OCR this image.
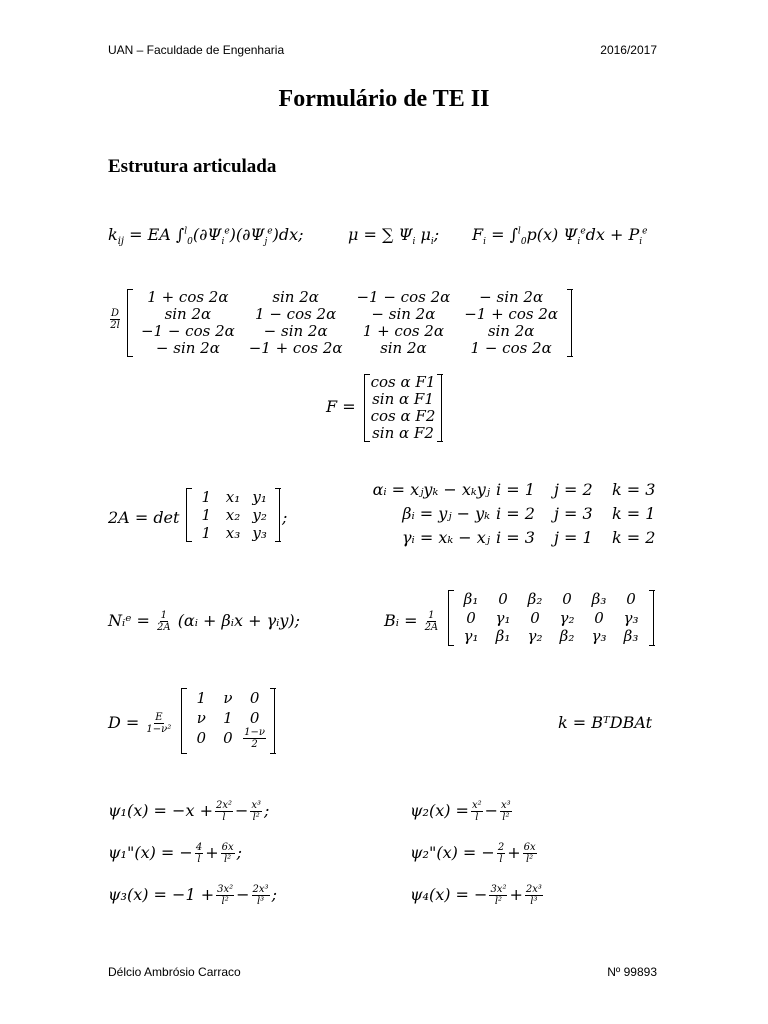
UAN – Faculdade de Engenharia	2016/2017
Formulário de TE II
Estrutura articulada
$k_{ij}$ = EA $\int^l_0(\partial\Psi_i^e)(\partial\Psi_j^e)dx$;	μ = ∑ $\Psi_i$ $\mu_i$; $F_i = \int^l_0p(x) \Psi_i^edx + P_i^e$
$\frac{D}{2l}$
1 + cos 2α	sin 2α	−1 − cos 2α	− sin 2α
sin 2α	1 − cos 2α	− sin 2α	−1 + cos 2α
−1 − cos 2α	− sin 2α	1 + cos 2α	sin 2α
− sin 2α	−1 + cos 2α	sin 2α	1 − cos 2α
F =
cos α F1
sin α F1
cos α F2
sin α F2
2A = det
1 x₁ y₁
1 x₂ y₂
1 x₃ y₃
;
αᵢ = xⱼyₖ − xₖyⱼ i = 1	j = 2	k = 3
βᵢ = yⱼ − yₖ i = 2	j = 3	k = 1
γᵢ = xₖ − xⱼ i = 3	j = 1	k = 2
Nᵢᵉ = $\frac{1}{2A}$ (αᵢ + βᵢx + γᵢy);	Bᵢ = $\frac{1}{2A}$
β₁	0	β₂	0	β₃	0
0	γ₁	0	γ₂	0	γ₃
γ₁	β₁	γ₂	β₂	γ₃	β₃
$D = \frac{E}{\text{1−ν²}}$
1	ν	0
ν	1	0
0	0	$\frac{1-\nu}{2}$
k = BᵀDBAt
$\psi_1(x) = -x + \frac{\text{2x²}}{l} - \frac{\text{x³}}{\text{l²}}$ ;
ψ₁"(x) = − $\frac{4}{l} + \frac{6x}{\text{l²}}$ ;
$\psi_3(x) = -1 + \frac{\text{3x²}}{\text{l²}} - \frac{\text{2x³}}{\text{l³}}$ ;
$\psi_2(x) = \frac{\text{x²}}{l} - \frac{\text{x³}}{\text{l²}}$
ψ₂"(x) = − $\frac{2}{l} + \frac{6x}{\text{l²}}$
ψ₄(x) = − $\frac{\text{3x²}}{\text{l²}} + \frac{\text{2x³}}{\text{l³}}$
Délcio Ambrósio Carraco	Nº 99893
